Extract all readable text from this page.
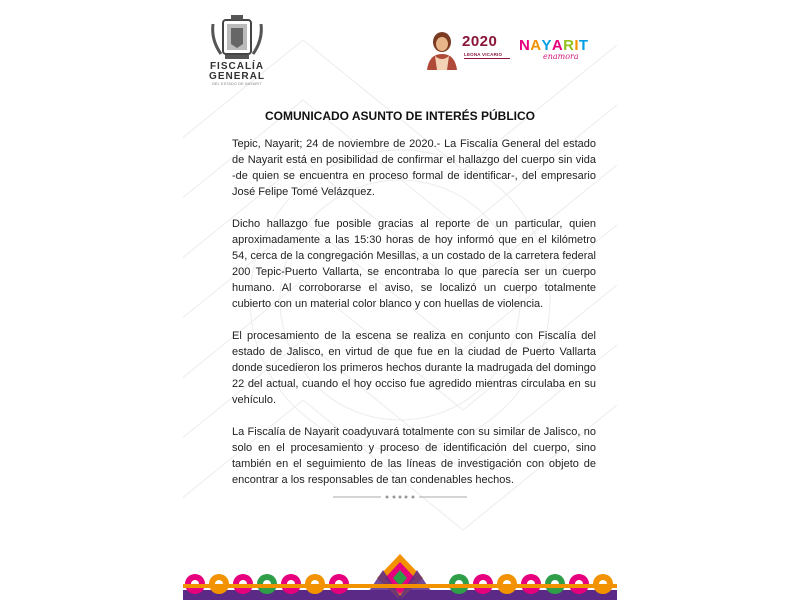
FISCALÍA
GENERAL
DEL ESTADO DE NAYARIT
2020
LEONA VICARIO
NAYARIT
enamora
COMUNICADO ASUNTO DE INTERÉS PÚBLICO

Tepic, Nayarit; 24 de noviembre de 2020.- La Fiscalía General del estado de Nayarit está en posibilidad de confirmar el hallazgo del cuerpo sin vida -de quien se encuentra en proceso formal de identificar-, del empresario José Felipe Tomé Velázquez.

Dicho hallazgo fue posible gracias al reporte de un particular, quien aproximadamente a las 15:30 horas de hoy informó que en el kilómetro 54, cerca de la congregación Mesillas, a un costado de la carretera federal 200 Tepic-Puerto Vallarta, se encontraba lo que parecía ser un cuerpo humano. Al corroborarse el aviso, se localizó un cuerpo totalmente cubierto con un material color blanco y con huellas de violencia.

El procesamiento de la escena se realiza en conjunto con Fiscalía del estado de Jalisco, en virtud de que fue en la ciudad de Puerto Vallarta donde sucedieron los primeros hechos durante la madrugada del domingo 22 del actual, cuando el hoy occiso fue agredido mientras circulaba en su vehículo.

La Fiscalía de Nayarit coadyuvará totalmente con su similar de Jalisco, no solo en el procesamiento y proceso de identificación del cuerpo, sino también en el seguimiento de las líneas de investigación con objeto de encontrar a los responsables de tan condenables hechos.
